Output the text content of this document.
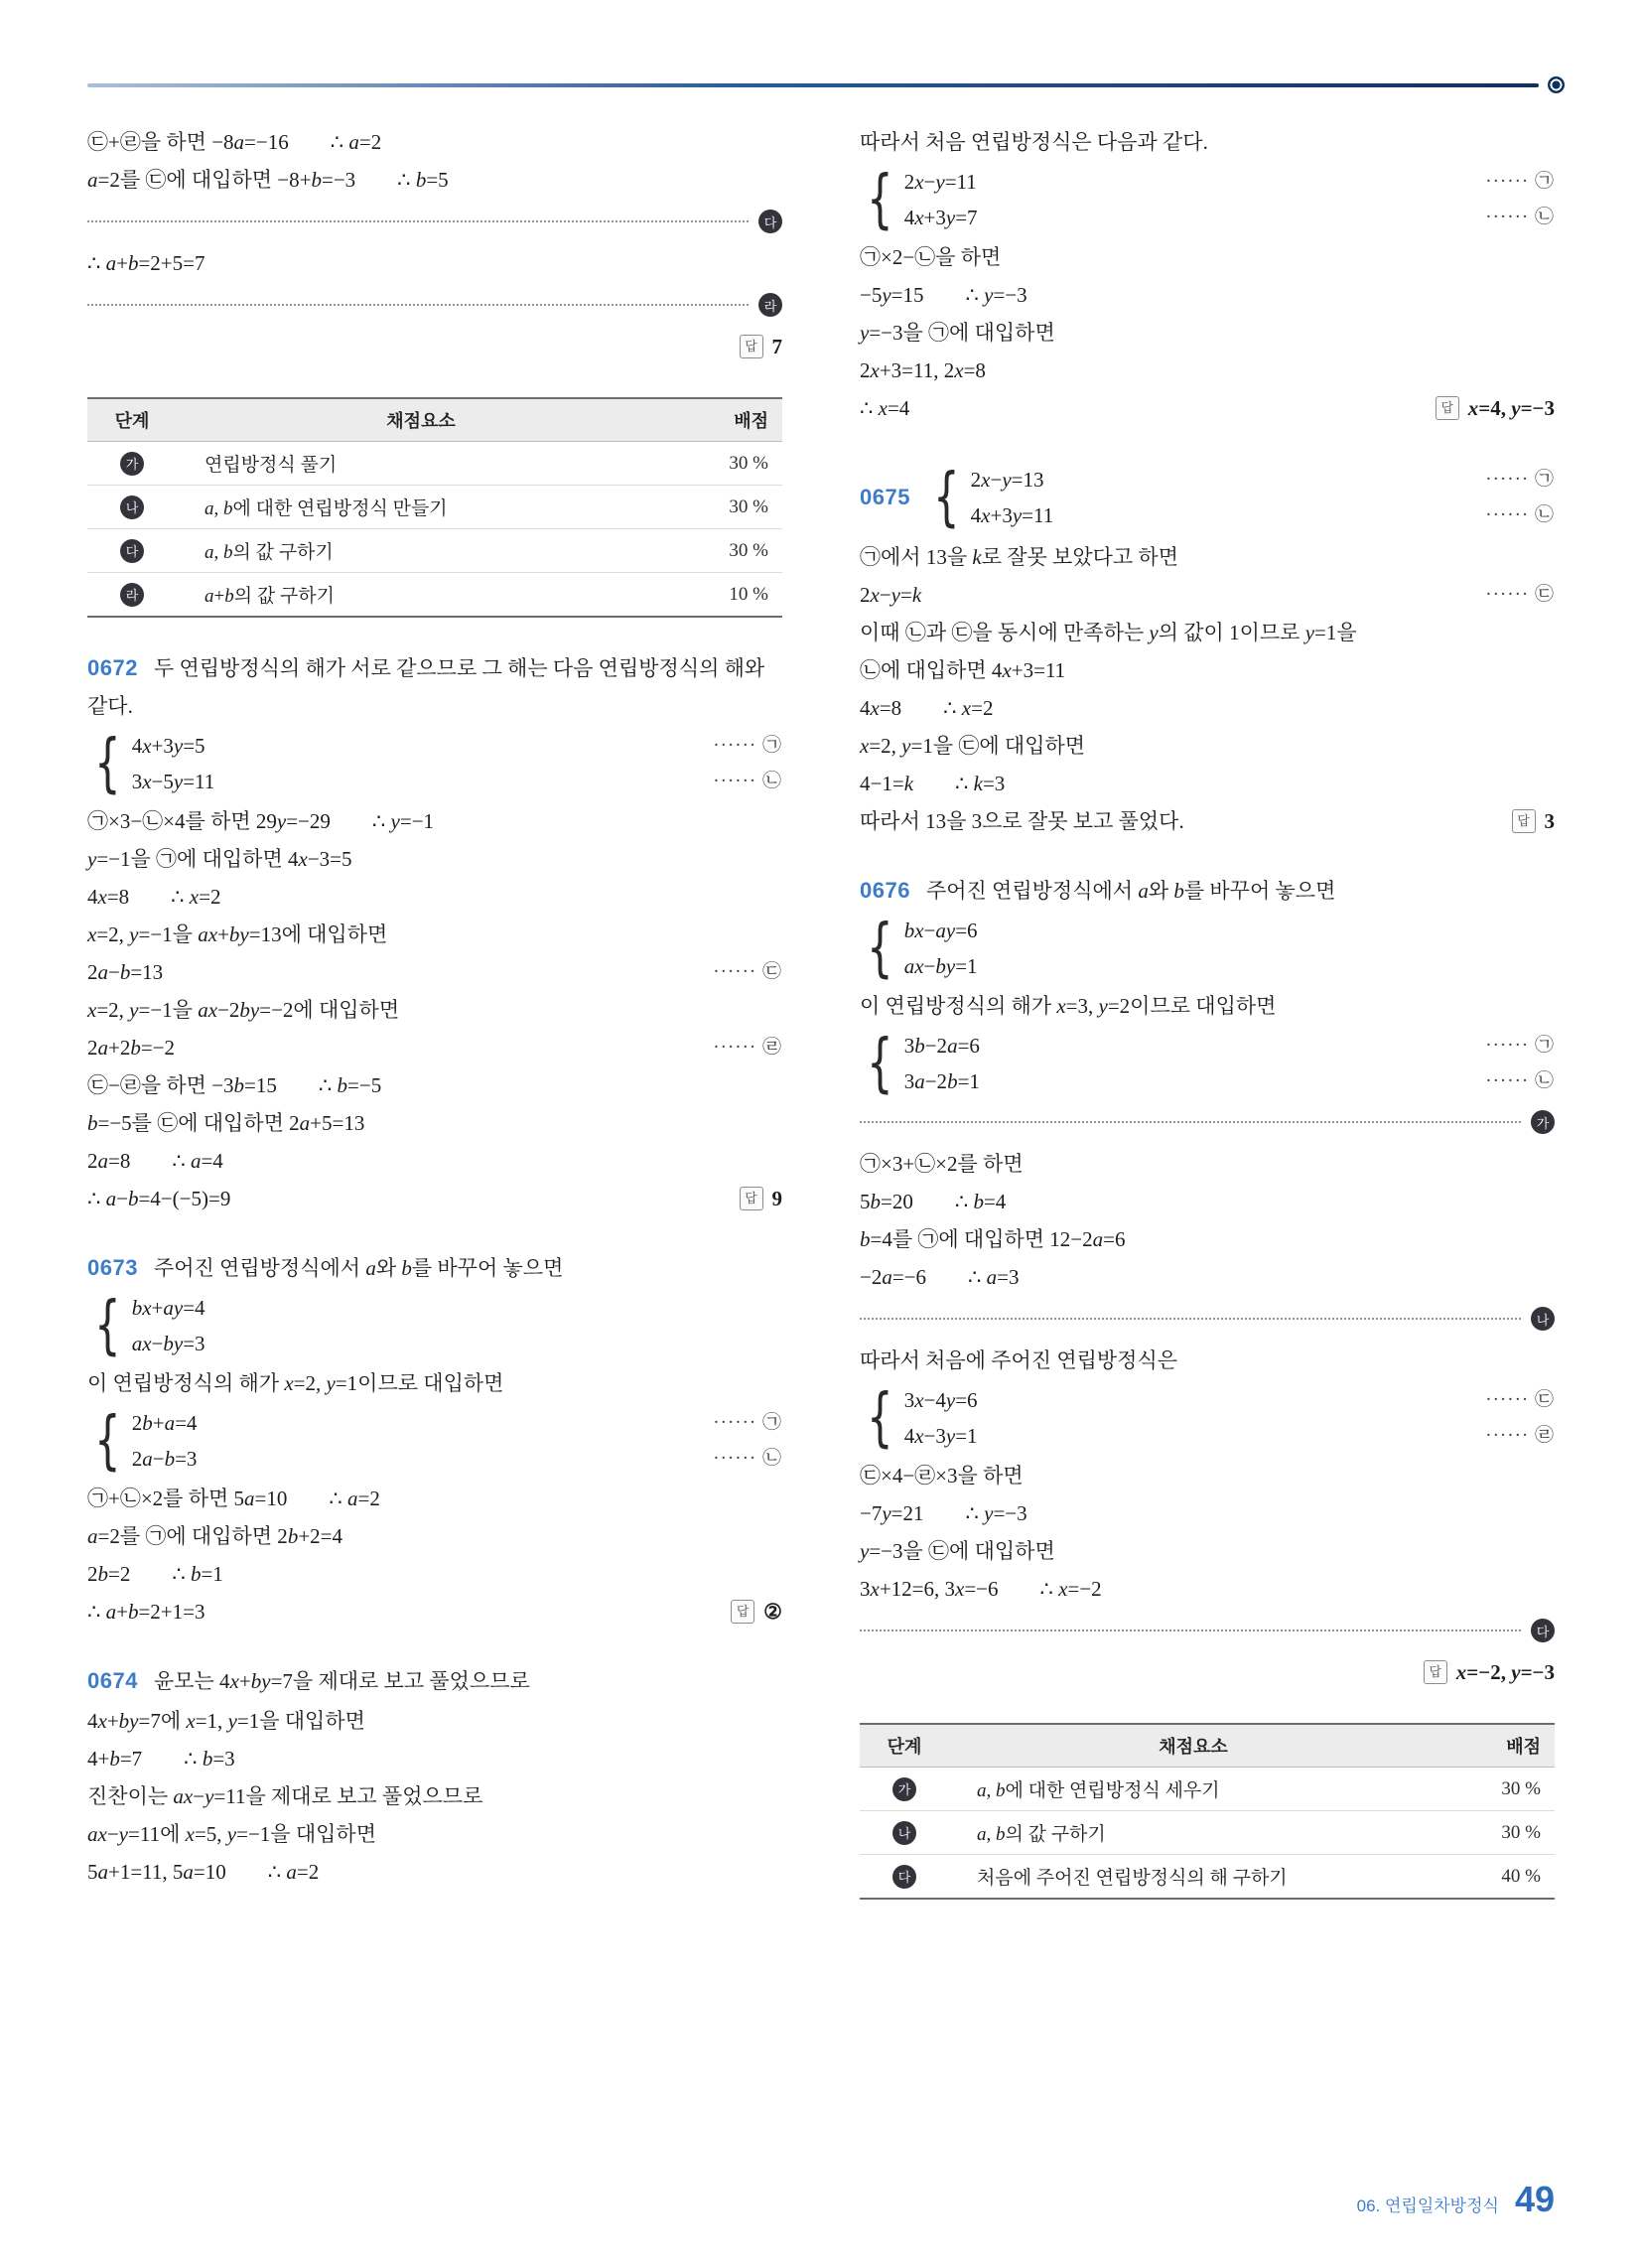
㉢+㉣을 하면 −8a=−16  ∴ a=2
a=2를 ㉢에 대입하면 −8+b=−3  ∴ b=5
다
∴ a+b=2+5=7
라
답 7
단계	채점요소	배점
가	연립방정식 풀기	30 %
나	a, b에 대한 연립방정식 만들기	30 %
다	a, b의 값 구하기	30 %
라	a+b의 값 구하기	10 %
0672 두 연립방정식의 해가 서로 같으므로 그 해는 다음 연립방정식의 해와 같다.
{ 4x+3y=5	······ ㉠
3x−5y=11	······ ㉡
㉠×3−㉡×4를 하면 29y=−29  ∴ y=−1
y=−1을 ㉠에 대입하면 4x−3=5
4x=8  ∴ x=2
x=2, y=−1을 ax+by=13에 대입하면
2a−b=13	······ ㉢
x=2, y=−1을 ax−2by=−2에 대입하면
2a+2b=−2	······ ㉣
㉢−㉣을 하면 −3b=15  ∴ b=−5
b=−5를 ㉢에 대입하면 2a+5=13
2a=8  ∴ a=4
∴ a−b=4−(−5)=9	답 9
0673 주어진 연립방정식에서 a와 b를 바꾸어 놓으면
{ bx+ay=4
ax−by=3
이 연립방정식의 해가 x=2, y=1이므로 대입하면
{ 2b+a=4	······ ㉠
2a−b=3	······ ㉡
㉠+㉡×2를 하면 5a=10  ∴ a=2
a=2를 ㉠에 대입하면 2b+2=4
2b=2  ∴ b=1
∴ a+b=2+1=3	답 ②
0674 윤모는 4x+by=7을 제대로 보고 풀었으므로
4x+by=7에 x=1, y=1을 대입하면
4+b=7  ∴ b=3
진찬이는 ax−y=11을 제대로 보고 풀었으므로
ax−y=11에 x=5, y=−1을 대입하면
5a+1=11, 5a=10  ∴ a=2
따라서 처음 연립방정식은 다음과 같다.
{ 2x−y=11	······ ㉠
4x+3y=7	······ ㉡
㉠×2−㉡을 하면
−5y=15  ∴ y=−3
y=−3을 ㉠에 대입하면
2x+3=11, 2x=8
∴ x=4	답 x=4, y=−3
0675 { 2x−y=13	······ ㉠
4x+3y=11	······ ㉡
㉠에서 13을 k로 잘못 보았다고 하면
2x−y=k	······ ㉢
이때 ㉡과 ㉢을 동시에 만족하는 y의 값이 1이므로 y=1을
㉡에 대입하면 4x+3=11
4x=8  ∴ x=2
x=2, y=1을 ㉢에 대입하면
4−1=k  ∴ k=3
따라서 13을 3으로 잘못 보고 풀었다.	답 3
0676 주어진 연립방정식에서 a와 b를 바꾸어 놓으면
{ bx−ay=6
ax−by=1
이 연립방정식의 해가 x=3, y=2이므로 대입하면
{ 3b−2a=6	······ ㉠
3a−2b=1	······ ㉡
가
㉠×3+㉡×2를 하면
5b=20  ∴ b=4
b=4를 ㉠에 대입하면 12−2a=6
−2a=−6  ∴ a=3
나
따라서 처음에 주어진 연립방정식은
{ 3x−4y=6	······ ㉢
4x−3y=1	······ ㉣
㉢×4−㉣×3을 하면
−7y=21  ∴ y=−3
y=−3을 ㉢에 대입하면
3x+12=6, 3x=−6  ∴ x=−2
다
답 x=−2, y=−3
단계	채점요소	배점
가	a, b에 대한 연립방정식 세우기	30 %
나	a, b의 값 구하기	30 %
다	처음에 주어진 연립방정식의 해 구하기	40 %
06. 연립일차방정식 49
